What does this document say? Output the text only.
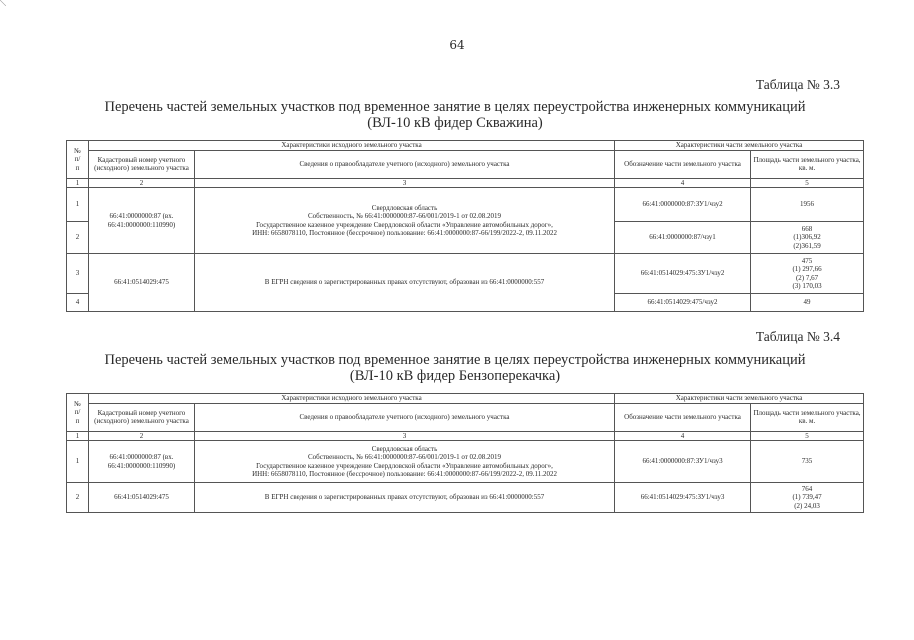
64
Таблица № 3.3
Перечень частей земельных участков под временное занятие в целях переустройства инженерных коммуникаций
(ВЛ-10 кВ фидер Скважина)
№
п/
п	Характеристики исходного земельного участка		Характеристики части земельного участка	
	Кадастровый номер учетного (исходного) земельного участка	Сведения о правообладателе учетного (исходного) земельного участка	Обозначение части земельного участка	Площадь части земельного участка, кв. м.
1	2	3	4	5
1	66:41:0000000:87 (вх. 66:41:0000000:110990)	Свердловская область
Собственность, № 66:41:0000000:87-66/001/2019-1 от 02.08.2019
Государственное казенное учреждение Свердловской области «Управление автомобильных дорог»,
ИНН: 6658078110, Постоянное (бессрочное) пользование: 66:41:0000000:87-66/199/2022-2, 09.11.2022	66:41:0000000:87:ЗУ1/чзу2	1956
2			66:41:0000000:87/чзу1	668
(1)306,92
(2)361,59
3	66:41:0514029:475	В ЕГРН сведения о зарегистрированных правах отсутствуют, образован из 66:41:0000000:557	66:41:0514029:475:ЗУ1/чзу2	475
(1) 297,66
(2) 7,67
(3) 170,03
4			66:41:0514029:475/чзу2	49
Таблица № 3.4
Перечень частей земельных участков под временное занятие в целях переустройства инженерных коммуникаций
(ВЛ-10 кВ фидер Бензоперекачка)
№
п/
п	Характеристики исходного земельного участка		Характеристики части земельного участка	
	Кадастровый номер учетного (исходного) земельного участка	Сведения о правообладателе учетного (исходного) земельного участка	Обозначение части земельного участка	Площадь части земельного участка, кв. м.
1	2	3	4	5
1	66:41:0000000:87 (вх. 66:41:0000000:110990)	Свердловская область
Собственность, № 66:41:0000000:87-66/001/2019-1 от 02.08.2019
Государственное казенное учреждение Свердловской области «Управление автомобильных дорог»,
ИНН: 6658078110, Постоянное (бессрочное) пользование: 66:41:0000000:87-66/199/2022-2, 09.11.2022	66:41:0000000:87:ЗУ1/чзу3	735
2	66:41:0514029:475	В ЕГРН сведения о зарегистрированных правах отсутствуют, образован из 66:41:0000000:557	66:41:0514029:475:ЗУ1/чзу3	764
(1) 739,47
(2) 24,03
